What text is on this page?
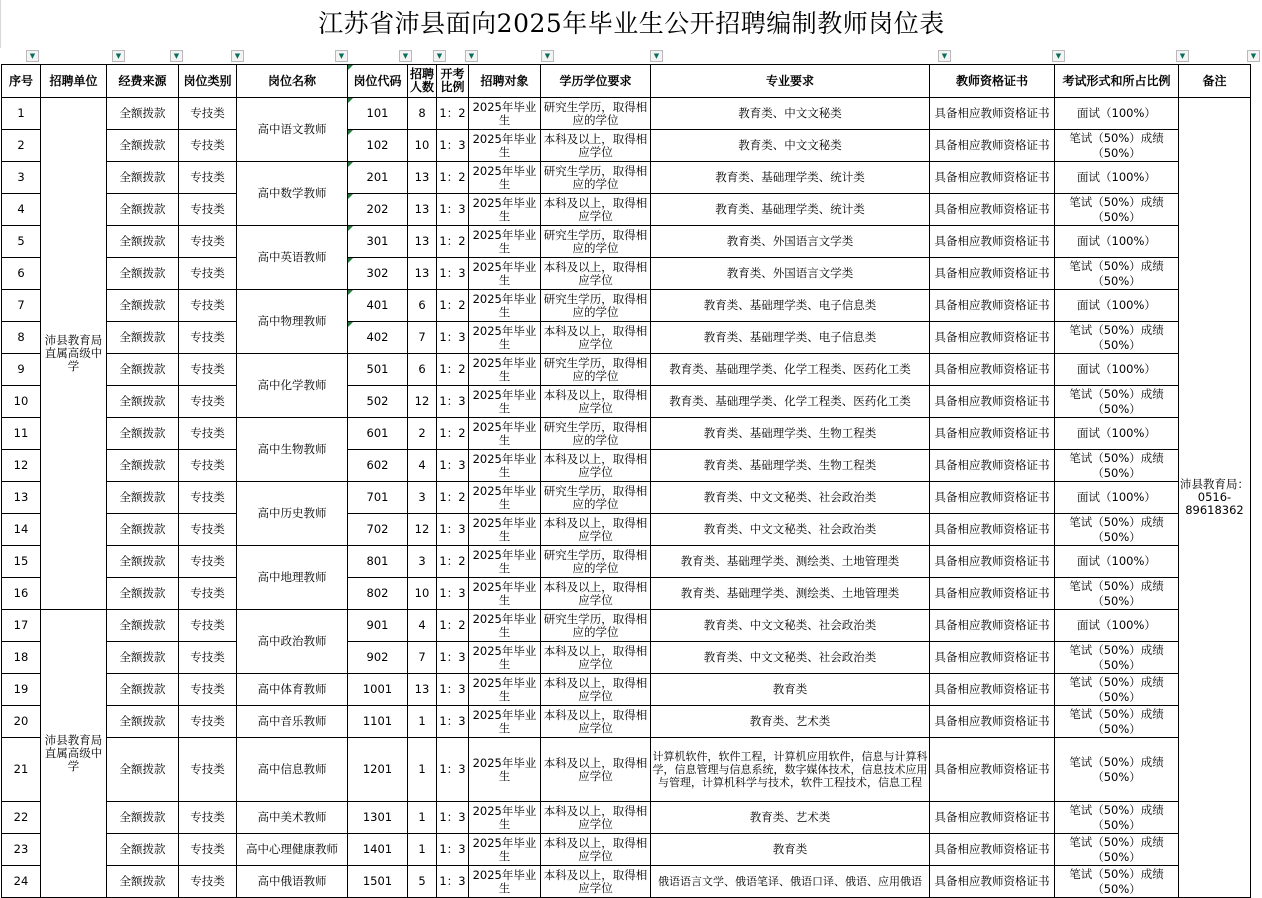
江苏省沛县面向2025年毕业生公开招聘编制教师岗位表
▼	▼	▼	▼	▼	▼	▼	▼	▼	▼	▼	▼	▼	▼
序号	招聘单位	经费来源	岗位类别	岗位名称	岗位代码	招聘人数	开考比例	招聘对象	学历学位要求	专业要求	教师资格证书	考试形式和所占比例	备注
1	沛县教育局直属高级中学	全额拨款	专技类	高中语文教师	101	8	1：2	2025年毕业生	研究生学历，取得相应的学位	教育类、中文文秘类	具备相应教师资格证书	面试（100%）	沛县教育局：0516-89618362
2		全额拨款	专技类		102	10	1：3	2025年毕业生	本科及以上，取得相应学位	教育类、中文文秘类	具备相应教师资格证书	笔试（50%）成绩（50%）	
3		全额拨款	专技类	高中数学教师	201	13	1：2	2025年毕业生	研究生学历，取得相应的学位	教育类、基础理学类、统计类	具备相应教师资格证书	面试（100%）	
4		全额拨款	专技类		202	13	1：3	2025年毕业生	本科及以上，取得相应学位	教育类、基础理学类、统计类	具备相应教师资格证书	笔试（50%）成绩（50%）	
5		全额拨款	专技类	高中英语教师	301	13	1：2	2025年毕业生	研究生学历，取得相应的学位	教育类、外国语言文学类	具备相应教师资格证书	面试（100%）	
6		全额拨款	专技类		302	13	1：3	2025年毕业生	本科及以上，取得相应学位	教育类、外国语言文学类	具备相应教师资格证书	笔试（50%）成绩（50%）	
7		全额拨款	专技类	高中物理教师	401	6	1：2	2025年毕业生	研究生学历，取得相应的学位	教育类、基础理学类、电子信息类	具备相应教师资格证书	面试（100%）	
8		全额拨款	专技类		402	7	1：3	2025年毕业生	本科及以上，取得相应学位	教育类、基础理学类、电子信息类	具备相应教师资格证书	笔试（50%）成绩（50%）	
9		全额拨款	专技类	高中化学教师	501	6	1：2	2025年毕业生	研究生学历，取得相应的学位	教育类、基础理学类、化学工程类、医药化工类	具备相应教师资格证书	面试（100%）	
10		全额拨款	专技类		502	12	1：3	2025年毕业生	本科及以上，取得相应学位	教育类、基础理学类、化学工程类、医药化工类	具备相应教师资格证书	笔试（50%）成绩（50%）	
11		全额拨款	专技类	高中生物教师	601	2	1：2	2025年毕业生	研究生学历，取得相应的学位	教育类、基础理学类、生物工程类	具备相应教师资格证书	面试（100%）	
12		全额拨款	专技类		602	4	1：3	2025年毕业生	本科及以上，取得相应学位	教育类、基础理学类、生物工程类	具备相应教师资格证书	笔试（50%）成绩（50%）	
13		全额拨款	专技类	高中历史教师	701	3	1：2	2025年毕业生	研究生学历，取得相应的学位	教育类、中文文秘类、社会政治类	具备相应教师资格证书	面试（100%）	
14		全额拨款	专技类		702	12	1：3	2025年毕业生	本科及以上，取得相应学位	教育类、中文文秘类、社会政治类	具备相应教师资格证书	笔试（50%）成绩（50%）	
15		全额拨款	专技类	高中地理教师	801	3	1：2	2025年毕业生	研究生学历，取得相应的学位	教育类、基础理学类、测绘类、土地管理类	具备相应教师资格证书	面试（100%）	
16		全额拨款	专技类		802	10	1：3	2025年毕业生	本科及以上，取得相应学位	教育类、基础理学类、测绘类、土地管理类	具备相应教师资格证书	笔试（50%）成绩（50%）	
17	沛县教育局直属高级中学	全额拨款	专技类	高中政治教师	901	4	1：2	2025年毕业生	研究生学历，取得相应的学位	教育类、中文文秘类、社会政治类	具备相应教师资格证书	面试（100%）	
18		全额拨款	专技类		902	7	1：3	2025年毕业生	本科及以上，取得相应学位	教育类、中文文秘类、社会政治类	具备相应教师资格证书	笔试（50%）成绩（50%）	
19		全额拨款	专技类	高中体育教师	1001	13	1：3	2025年毕业生	本科及以上，取得相应学位	教育类	具备相应教师资格证书	笔试（50%）成绩（50%）	
20		全额拨款	专技类	高中音乐教师	1101	1	1：3	2025年毕业生	本科及以上，取得相应学位	教育类、艺术类	具备相应教师资格证书	笔试（50%）成绩（50%）	
21		全额拨款	专技类	高中信息教师	1201	1	1：3	2025年毕业生	本科及以上，取得相应学位	计算机软件，软件工程，计算机应用软件，信息与计算科学，信息管理与信息系统，数字媒体技术，信息技术应用与管理，计算机科学与技术，软件工程技术，信息工程	具备相应教师资格证书	笔试（50%）成绩（50%）	
22		全额拨款	专技类	高中美术教师	1301	1	1：3	2025年毕业生	本科及以上，取得相应学位	教育类、艺术类	具备相应教师资格证书	笔试（50%）成绩（50%）	
23		全额拨款	专技类	高中心理健康教师	1401	1	1：3	2025年毕业生	本科及以上，取得相应学位	教育类	具备相应教师资格证书	笔试（50%）成绩（50%）	
24		全额拨款	专技类	高中俄语教师	1501	5	1：3	2025年毕业生	本科及以上，取得相应学位	俄语语言文学、俄语笔译、俄语口译、俄语、应用俄语	具备相应教师资格证书	笔试（50%）成绩（50%）	
